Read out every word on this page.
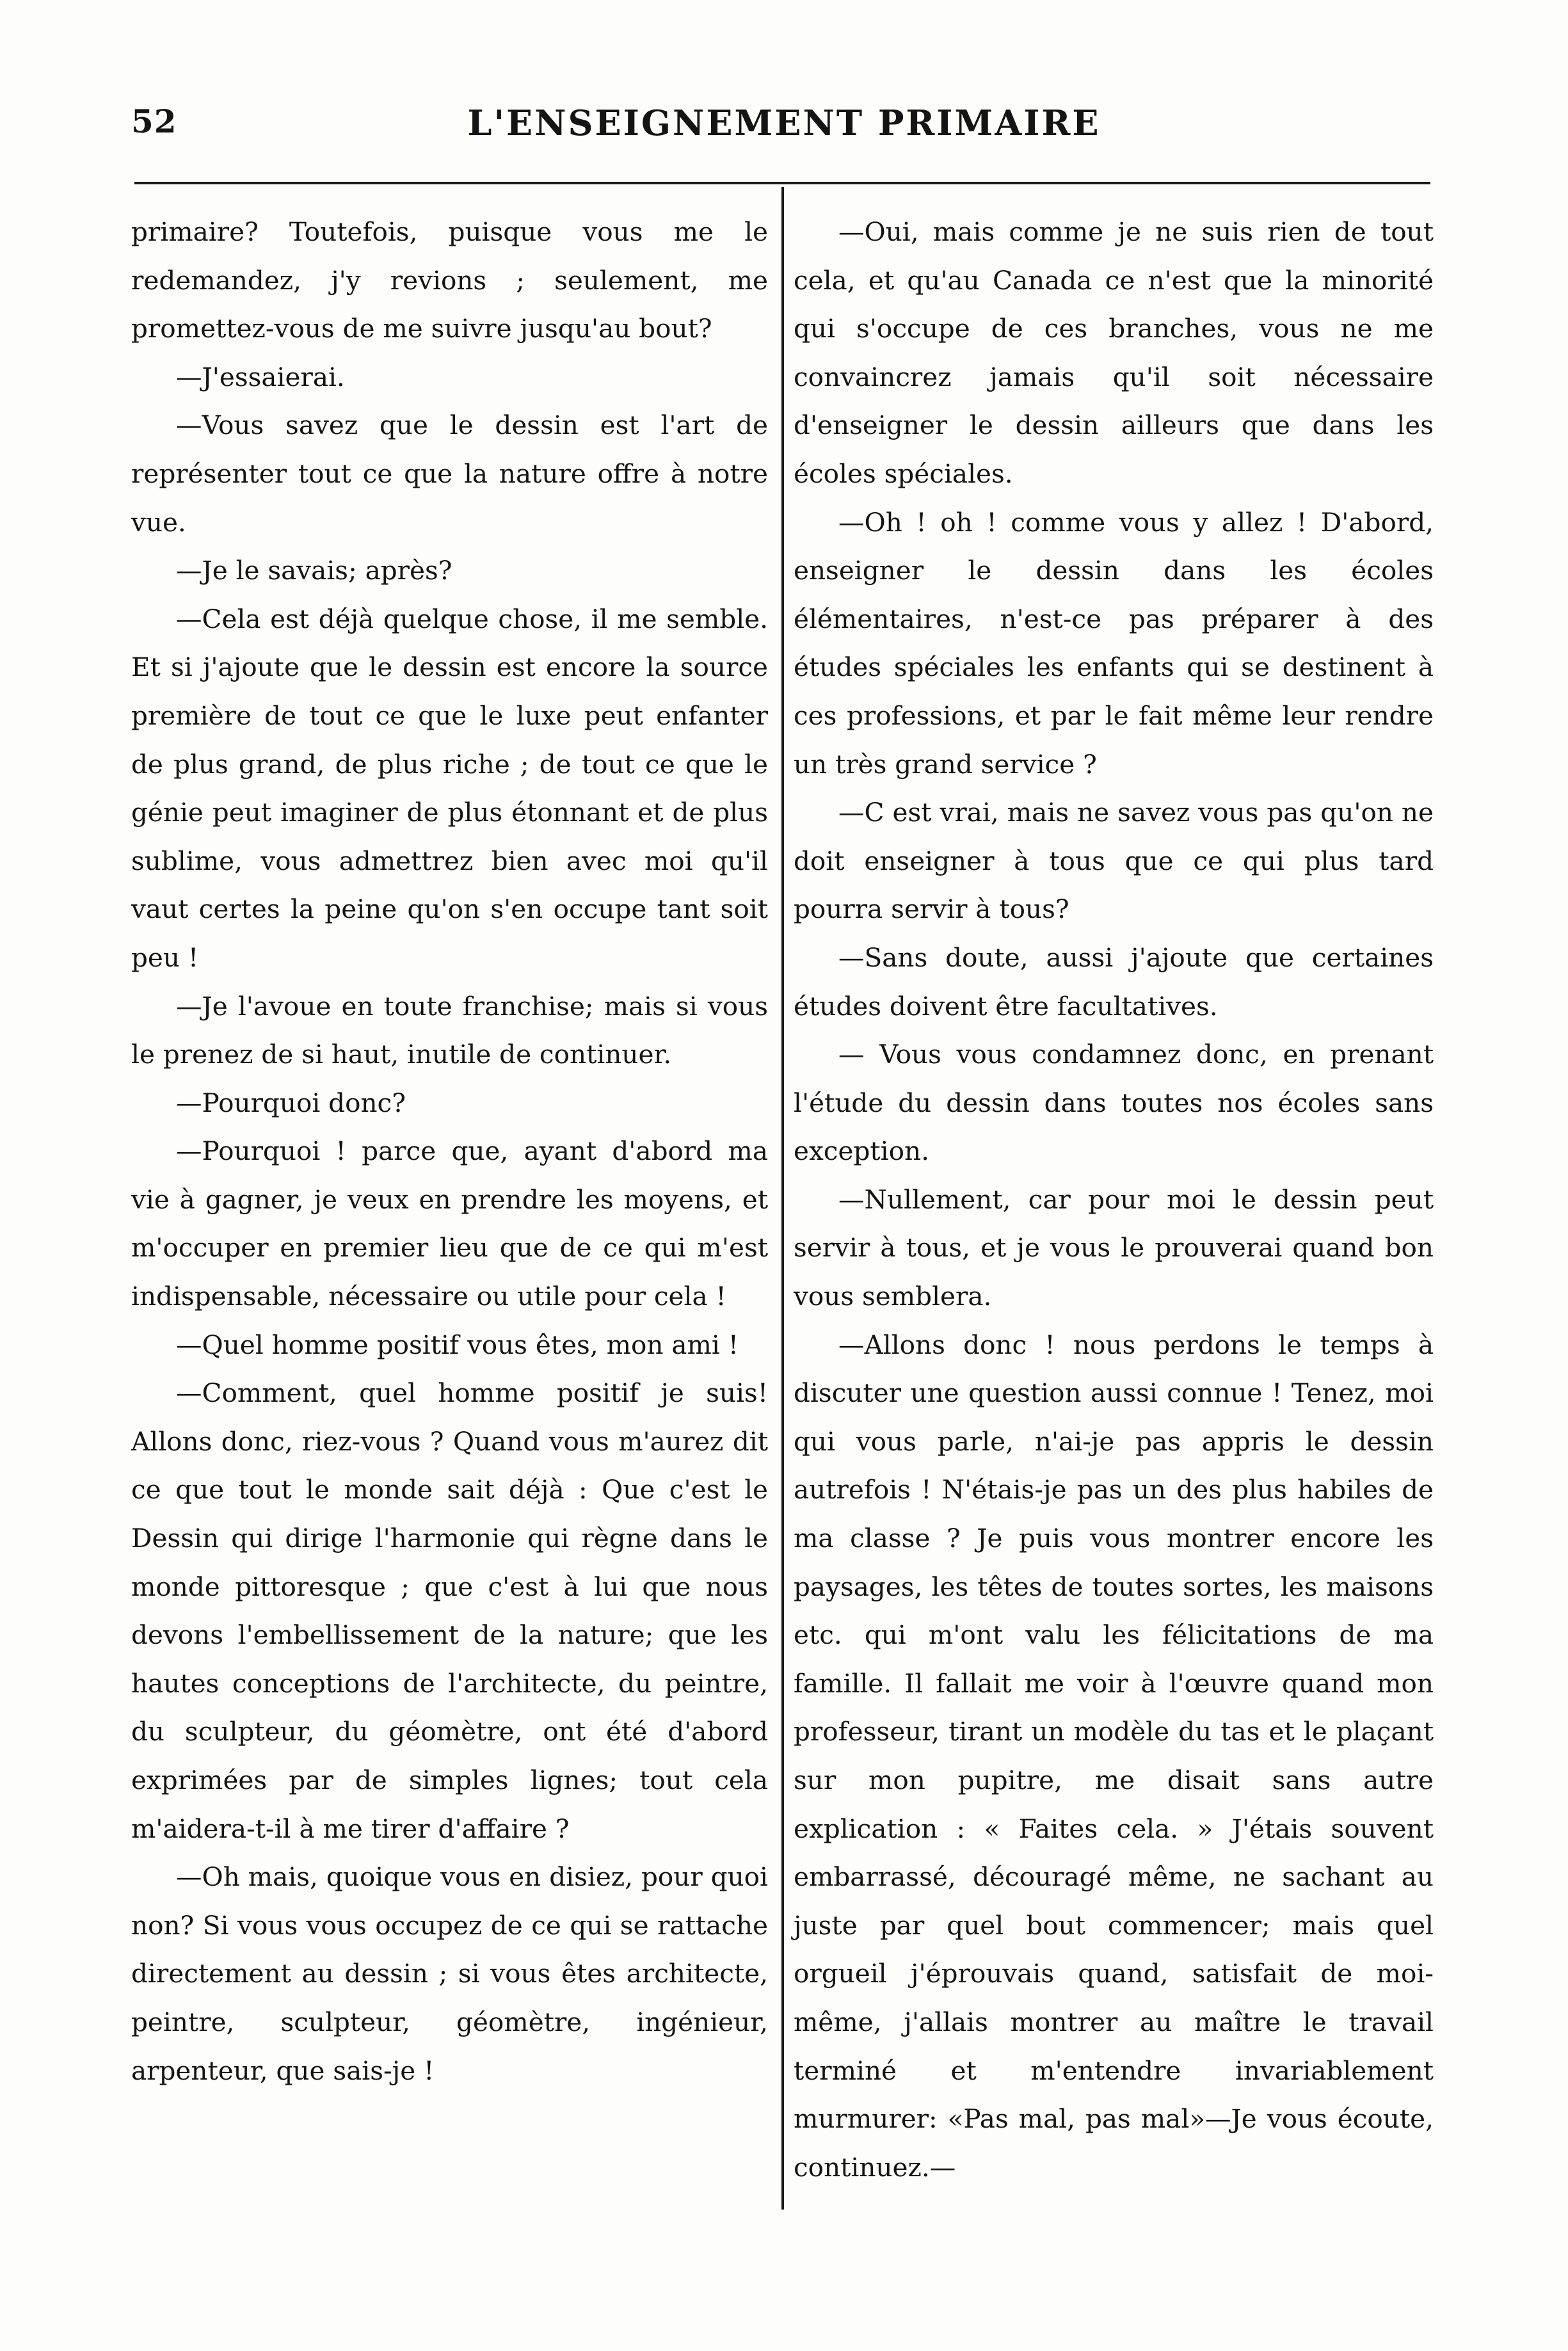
52	L'ENSEIGNEMENT PRIMAIRE

primaire? Toutefois, puisque vous me le redemandez, j'y revions ; seulement, me promettez-vous de me suivre jusqu'au bout?

—J'essaierai.

—Vous savez que le dessin est l'art de représenter tout ce que la nature offre à notre vue.

—Je le savais; après?

—Cela est déjà quelque chose, il me semble. Et si j'ajoute que le dessin est encore la source première de tout ce que le luxe peut enfanter de plus grand, de plus riche ; de tout ce que le génie peut imaginer de plus étonnant et de plus sublime, vous admettrez bien avec moi qu'il vaut certes la peine qu'on s'en occupe tant soit peu !

—Je l'avoue en toute franchise; mais si vous le prenez de si haut, inutile de continuer.

—Pourquoi donc?

—Pourquoi ! parce que, ayant d'abord ma vie à gagner, je veux en prendre les moyens, et m'occuper en premier lieu que de ce qui m'est indispensable, nécessaire ou utile pour cela !

—Quel homme positif vous êtes, mon ami !

—Comment, quel homme positif je suis! Allons donc, riez-vous ? Quand vous m'aurez dit ce que tout le monde sait déjà : Que c'est le Dessin qui dirige l'harmonie qui règne dans le monde pittoresque ; que c'est à lui que nous devons l'embellissement de la nature; que les hautes conceptions de l'architecte, du peintre, du sculpteur, du géomètre, ont été d'abord exprimées par de simples lignes; tout cela m'aidera-t-il à me tirer d'affaire ?

—Oh mais, quoique vous en disiez, pour quoi non? Si vous vous occupez de ce qui se rattache directement au dessin ; si vous êtes architecte, peintre, sculpteur, géomètre, ingénieur, arpenteur, que sais-je !

—Oui, mais comme je ne suis rien de tout cela, et qu'au Canada ce n'est que la minorité qui s'occupe de ces branches, vous ne me convaincrez jamais qu'il soit nécessaire d'enseigner le dessin ailleurs que dans les écoles spéciales.

—Oh ! oh ! comme vous y allez ! D'abord, enseigner le dessin dans les écoles élémentaires, n'est-ce pas préparer à des études spéciales les enfants qui se destinent à ces professions, et par le fait même leur rendre un très grand service ?

—C est vrai, mais ne savez vous pas qu'on ne doit enseigner à tous que ce qui plus tard pourra servir à tous?

—Sans doute, aussi j'ajoute que certaines études doivent être facultatives.

— Vous vous condamnez donc, en prenant l'étude du dessin dans toutes nos écoles sans exception.

—Nullement, car pour moi le dessin peut servir à tous, et je vous le prouverai quand bon vous semblera.

—Allons donc ! nous perdons le temps à discuter une question aussi connue ! Tenez, moi qui vous parle, n'ai-je pas appris le dessin autrefois ! N'étais-je pas un des plus habiles de ma classe ? Je puis vous montrer encore les paysages, les têtes de toutes sortes, les maisons etc. qui m'ont valu les félicitations de ma famille. Il fallait me voir à l'œuvre quand mon professeur, tirant un modèle du tas et le plaçant sur mon pupitre, me disait sans autre explication : « Faites cela. » J'étais souvent embarrassé, découragé même, ne sachant au juste par quel bout commencer; mais quel orgueil j'éprouvais quand, satisfait de moi-même, j'allais montrer au maître le travail terminé et m'entendre invariablement murmurer: «Pas mal, pas mal»—Je vous écoute, continuez.—
